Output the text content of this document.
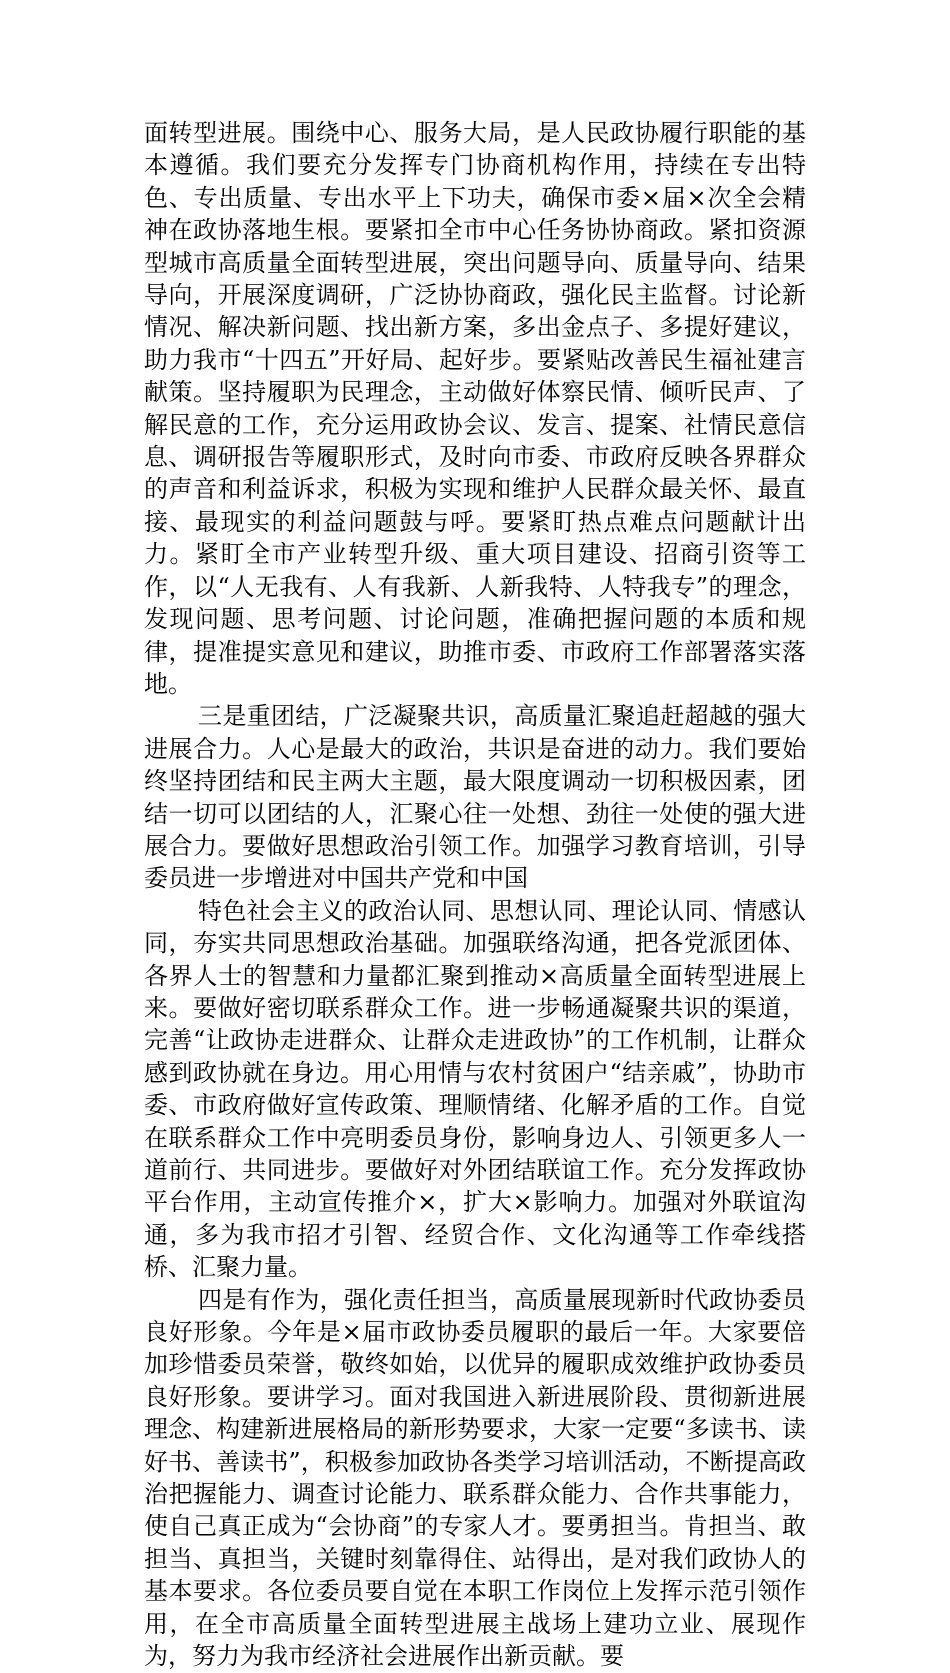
面转型进展。围绕中心、服务大局，是人民政协履行职能的基本遵循。我们要充分发挥专门协商机构作用，持续在专出特色、专出质量、专出水平上下功夫，确保市委×届×次全会精神在政协落地生根。要紧扣全市中心任务协协商政。紧扣资源型城市高质量全面转型进展，突出问题导向、质量导向、结果导向，开展深度调研，广泛协协商政，强化民主监督。讨论新情况、解决新问题、找出新方案，多出金点子、多提好建议，助力我市“十四五”开好局、起好步。要紧贴改善民生福祉建言献策。坚持履职为民理念，主动做好体察民情、倾听民声、了解民意的工作，充分运用政协会议、发言、提案、社情民意信息、调研报告等履职形式，及时向市委、市政府反映各界群众的声音和利益诉求，积极为实现和维护人民群众最关怀、最直接、最现实的利益问题鼓与呼。要紧盯热点难点问题献计出力。紧盯全市产业转型升级、重大项目建设、招商引资等工作，以“人无我有、人有我新、人新我特、人特我专”的理念，发现问题、思考问题、讨论问题，准确把握问题的本质和规律，提准提实意见和建议，助推市委、市政府工作部署落实落地。

三是重团结，广泛凝聚共识，高质量汇聚追赶超越的强大进展合力。人心是最大的政治，共识是奋进的动力。我们要始终坚持团结和民主两大主题，最大限度调动一切积极因素，团结一切可以团结的人，汇聚心往一处想、劲往一处使的强大进展合力。要做好思想政治引领工作。加强学习教育培训，引导委员进一步增进对中国共产党和中国

特色社会主义的政治认同、思想认同、理论认同、情感认同，夯实共同思想政治基础。加强联络沟通，把各党派团体、各界人士的智慧和力量都汇聚到推动×高质量全面转型进展上来。要做好密切联系群众工作。进一步畅通凝聚共识的渠道，完善“让政协走进群众、让群众走进政协”的工作机制，让群众感到政协就在身边。用心用情与农村贫困户“结亲戚”，协助市委、市政府做好宣传政策、理顺情绪、化解矛盾的工作。自觉在联系群众工作中亮明委员身份，影响身边人、引领更多人一道前行、共同进步。要做好对外团结联谊工作。充分发挥政协平台作用，主动宣传推介×，扩大×影响力。加强对外联谊沟通，多为我市招才引智、经贸合作、文化沟通等工作牵线搭桥、汇聚力量。

四是有作为，强化责任担当，高质量展现新时代政协委员良好形象。今年是×届市政协委员履职的最后一年。大家要倍加珍惜委员荣誉，敬终如始，以优异的履职成效维护政协委员良好形象。要讲学习。面对我国进入新进展阶段、贯彻新进展理念、构建新进展格局的新形势要求，大家一定要“多读书、读好书、善读书”，积极参加政协各类学习培训活动，不断提高政治把握能力、调查讨论能力、联系群众能力、合作共事能力，使自己真正成为“会协商”的专家人才。要勇担当。肯担当、敢担当、真担当，关键时刻靠得住、站得出，是对我们政协人的基本要求。各位委员要自觉在本职工作岗位上发挥示范引领作用，在全市高质量全面转型进展主战场上建功立业、展现作为，努力为我市经济社会进展作出新贡献。要
